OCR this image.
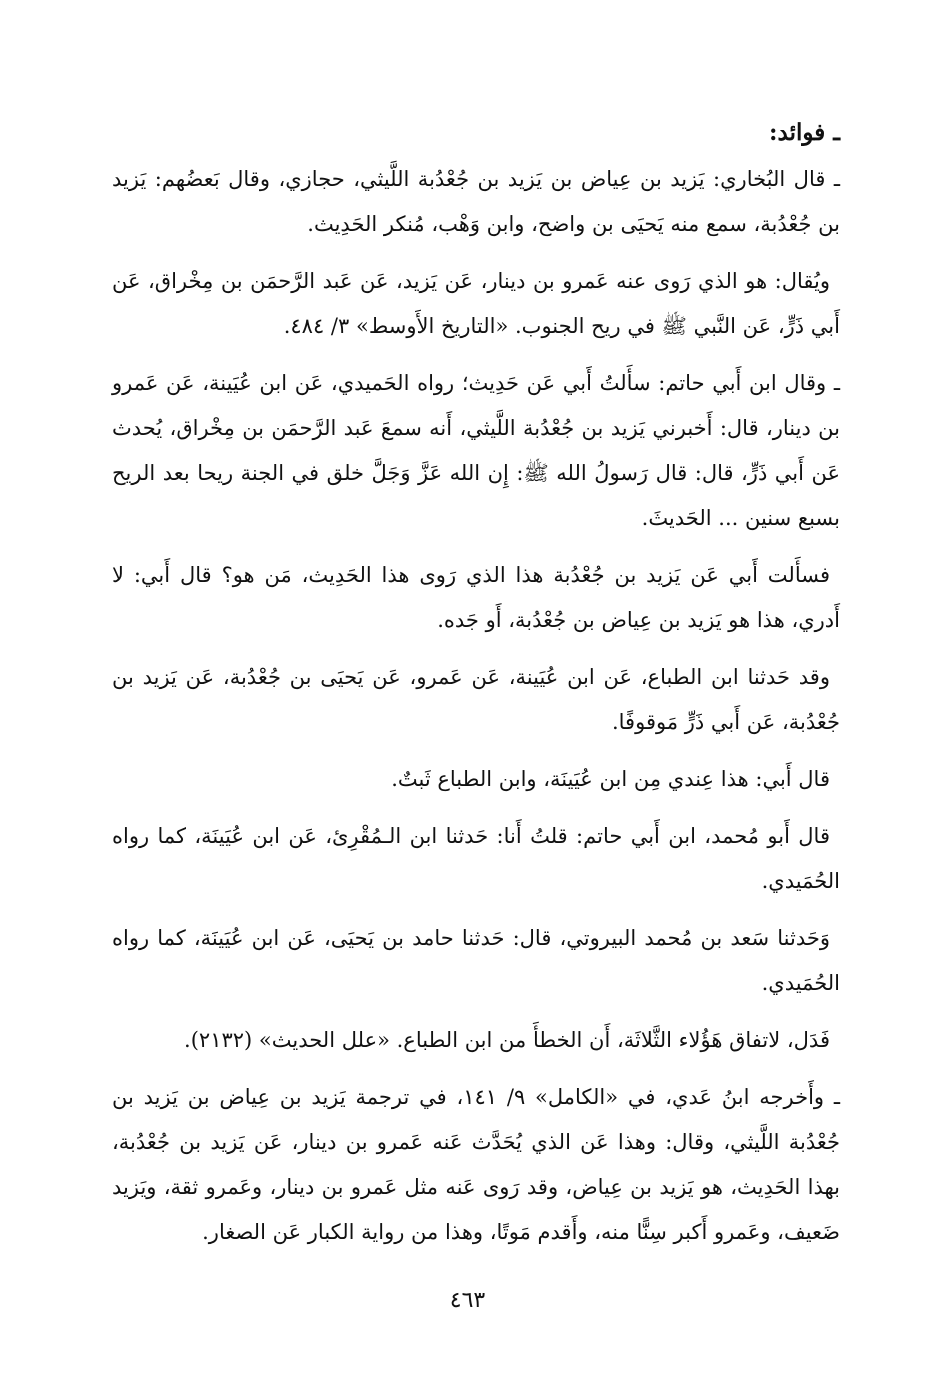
ـ فوائد:

ـ قال البُخاري: يَزيد بن عِياض بن يَزيد بن جُعْدُبة اللَّيثي، حجازي، وقال بَعضُهم: يَزيد بن جُعْدُبة، سمع منه يَحيَى بن واضح، وابن وَهْب، مُنكر الحَدِيث.

ويُقال: هو الذي رَوى عنه عَمرو بن دينار، عَن يَزيد، عَن عَبد الرَّحمَن بن مِخْراق، عَن أَبي ذَرٍّ، عَن النَّبي ﷺ في ريح الجنوب. «التاريخ الأَوسط» ٣/ ٤٨٤.

ـ وقال ابن أَبي حاتم: سأَلتُ أَبي عَن حَدِيث؛ رواه الحَميدي، عَن ابن عُيَينة، عَن عَمرو بن دينار، قال: أَخبرني يَزيد بن جُعْدُبة اللَّيثي، أَنه سمعَ عَبد الرَّحمَن بن مِخْراق، يُحدث عَن أَبي ذَرٍّ، قال: قال رَسولُ الله ﷺ: إِن الله عَزَّ وَجَلَّ خلق في الجنة ريحا بعد الريح بسبع سنين ... الحَديثَ.

فسأَلت أَبي عَن يَزيد بن جُعْدُبة هذا الذي رَوى هذا الحَدِيث، مَن هو؟ قال أَبي: لا أَدري، هذا هو يَزيد بن عِياض بن جُعْدُبة، أَو جَده.

وقد حَدثنا ابن الطباع، عَن ابن عُيَينة، عَن عَمرو، عَن يَحيَى بن جُعْدُبة، عَن يَزيد بن جُعْدُبة، عَن أَبي ذَرٍّ مَوقوفًا.

قال أَبي: هذا عِندي مِن ابن عُيَينَة، وابن الطباع ثَبتٌ.

قال أَبو مُحمد، ابن أَبي حاتم: قلتُ أَنا: حَدثنا ابن الـمُقْرِئ، عَن ابن عُيَينَة، كما رواه الحُمَيدي.

وَحَدثنا سَعد بن مُحمد البيروتي، قال: حَدثنا حامد بن يَحيَى، عَن ابن عُيَينَة، كما رواه الحُمَيدي.

فَدَل، لاتفاق هَؤُلاء الثَّلاثَة، أَن الخطأَ من ابن الطباع. «علل الحديث» (٢١٣٢).

ـ وأَخرجه ابنُ عَدي، في «الكامل» ٩/ ١٤١، في ترجمة يَزيد بن عِياض بن يَزيد بن جُعْدُبة اللَّيثي، وقال: وهذا عَن الذي يُحَدَّث عَنه عَمرو بن دينار، عَن يَزيد بن جُعْدُبة، بهذا الحَدِيث، هو يَزيد بن عِياض، وقد رَوى عَنه مثل عَمرو بن دينار، وعَمرو ثقة، ويَزيد ضَعيف، وعَمرو أَكبر سِنًّا منه، وأَقدم مَوتًا، وهذا من رواية الكبار عَن الصغار.

٤٦٣
